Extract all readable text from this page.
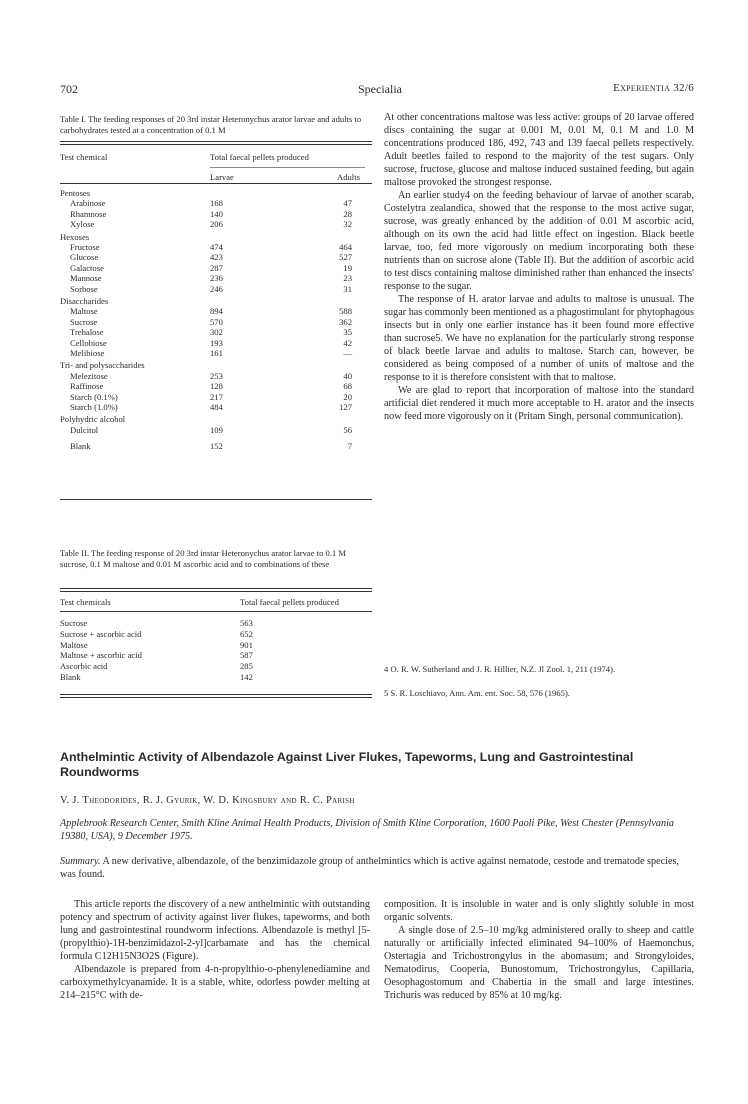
702	Specialia	Experientia 32/6
Table I. The feeding responses of 20 3rd instar Heteronychus arator larvae and adults to carbohydrates tested at a concentration of 0.1 M
Test chemical	Total faecal pellets produced
Larvae	Adults
Pentoses
Arabinose	168	47
Rhamnose	140	28
Xylose	206	32
Hexoses
Fructose	474	464
Glucose	423	527
Galactose	287	19
Mannose	236	23
Sorbose	246	31
Disaccharides
Maltose	894	588
Sucrose	570	362
Trehalose	302	35
Cellobiose	193	42
Melibiose	161	—
Tri- and polysaccharides
Melezitose	253	40
Raffinose	128	68
Starch (0.1%)	217	20
Starch (1.0%)	484	127
Polyhydric alcohol
Dulcitol	109	56
Blank	152	7
Table II. The feeding response of 20 3rd instar Heteronychus arator larvae to 0.1 M sucrose, 0.1 M maltose and 0.01 M ascorbic acid and to combinations of these
Test chemicals	Total faecal pellets produced
Sucrose	563
Sucrose + ascorbic acid	652
Maltose	901
Maltose + ascorbic acid	587
Ascorbic acid	285
Blank	142

At other concentrations maltose was less active: groups of 20 larvae offered discs containing the sugar at 0.001 M, 0.01 M, 0.1 M and 1.0 M concentrations produced 186, 492, 743 and 139 faecal pellets respectively. Adult beetles failed to respond to the majority of the test sugars. Only sucrose, fructose, glucose and maltose induced sustained feeding, but again maltose provoked the strongest response.

An earlier study4 on the feeding behaviour of larvae of another scarab, Costelytra zealandica, showed that the response to the most active sugar, sucrose, was greatly enhanced by the addition of 0.01 M ascorbic acid, although on its own the acid had little effect on ingestion. Black beetle larvae, too, fed more vigorously on medium incorporating both these nutrients than on sucrose alone (Table II). But the addition of ascorbic acid to test discs containing maltose diminished rather than enhanced the insects' response to the sugar.

The response of H. arator larvae and adults to maltose is unusual. The sugar has commonly been mentioned as a phagostimulant for phytophagous insects but in only one earlier instance has it been found more effective than sucrose5. We have no explanation for the particularly strong response of black beetle larvae and adults to maltose. Starch can, however, be considered as being composed of a number of units of maltose and the response to it is therefore consistent with that to maltose.

We are glad to report that incorporation of maltose into the standard artificial diet rendered it much more acceptable to H. arator and the insects now feed more vigorously on it (Pritam Singh, personal communication).

4 O. R. W. Sutherland and J. R. Hillier, N.Z. Jl Zool. 1, 211 (1974).
5 S. R. Loschiavo, Ann. Am. ent. Soc. 58, 576 (1965).
Anthelmintic Activity of Albendazole Against Liver Flukes, Tapeworms, Lung and Gastrointestinal Roundworms
V. J. Theodorides, R. J. Gyurik, W. D. Kingsbury and R. C. Parish
Applebrook Research Center, Smith Kline Animal Health Products, Division of Smith Kline Corporation, 1600 Paoli Pike, West Chester (Pennsylvania 19380, USA), 9 December 1975.
Summary. A new derivative, albendazole, of the benzimidazole group of anthelmintics which is active against nematode, cestode and trematode species, was found.

This article reports the discovery of a new anthelmintic with outstanding potency and spectrum of activity against liver flukes, tapeworms, and both lung and gastrointestinal roundworm infections. Albendazole is methyl [5-(propylthio)-1H-benzimidazol-2-yl]carbamate and has the chemical formula C12H15N3O2S (Figure).

Albendazole is prepared from 4-n-propylthio-o-phenylenediamine and carboxymethylcyanamide. It is a stable, white, odorless powder melting at 214–215°C with de-

composition. It is insoluble in water and is only slightly soluble in most organic solvents.

A single dose of 2.5–10 mg/kg administered orally to sheep and cattle naturally or artificially infected eliminated 94–100% of Haemonchus, Ostertagia and Trichostrongylus in the abomasum; and Strongyloides, Nematodirus, Cooperia, Bunostomum, Trichostrongylus, Capillaria, Oesophagostomum and Chabertia in the small and large intestines. Trichuris was reduced by 85% at 10 mg/kg.
